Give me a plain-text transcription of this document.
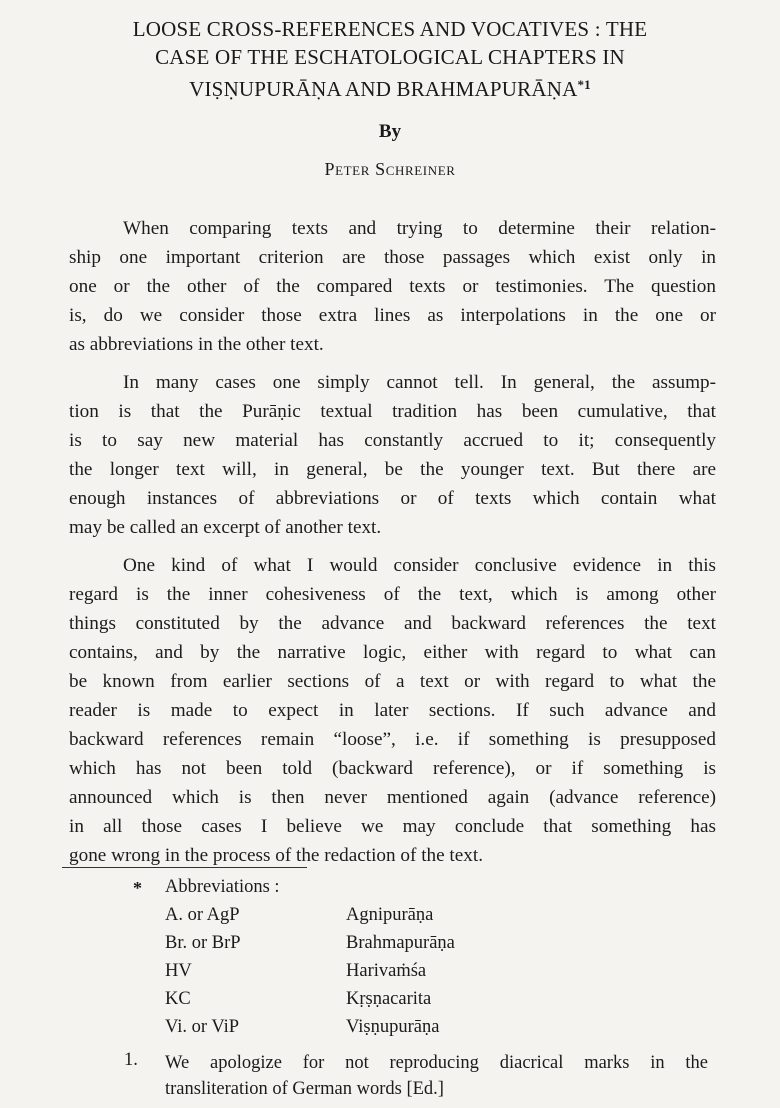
LOOSE CROSS-REFERENCES AND VOCATIVES : THE
CASE OF THE ESCHATOLOGICAL CHAPTERS IN
VIṢṆUPURĀṆA AND BRAHMAPURĀṆA$^{*1}$
By
Peter Schreiner
When comparing texts and trying to determine their relation-
ship one important criterion are those passages which exist only in
one or the other of the compared texts or testimonies. The question
is, do we consider those extra lines as interpolations in the one or
as abbreviations in the other text.
In many cases one simply cannot tell. In general, the assump-
tion is that the Purāṇic textual tradition has been cumulative, that
is to say new material has constantly accrued to it; consequently
the longer text will, in general, be the younger text. But there are
enough instances of abbreviations or of texts which contain what
may be called an excerpt of another text.
One kind of what I would consider conclusive evidence in this
regard is the inner cohesiveness of the text, which is among other
things constituted by the advance and backward references the text
contains, and by the narrative logic, either with regard to what can
be known from earlier sections of a text or with regard to what the
reader is made to expect in later sections. If such advance and
backward references remain “loose”, i.e. if something is presupposed
which has not been told (backward reference), or if something is
announced which is then never mentioned again (advance reference)
in all those cases I believe we may conclude that something has
gone wrong in the process of the redaction of the text.
* Abbreviations :
A. or AgP	Agnipurāṇa
Br. or BrP	Brahmapurāṇa
HV	Harivaṁśa
KC	Kṛṣṇacarita
Vi. or ViP	Viṣṇupurāṇa
1. We apologize for not reproducing diacrical marks in the
transliteration of German words [Ed.]
